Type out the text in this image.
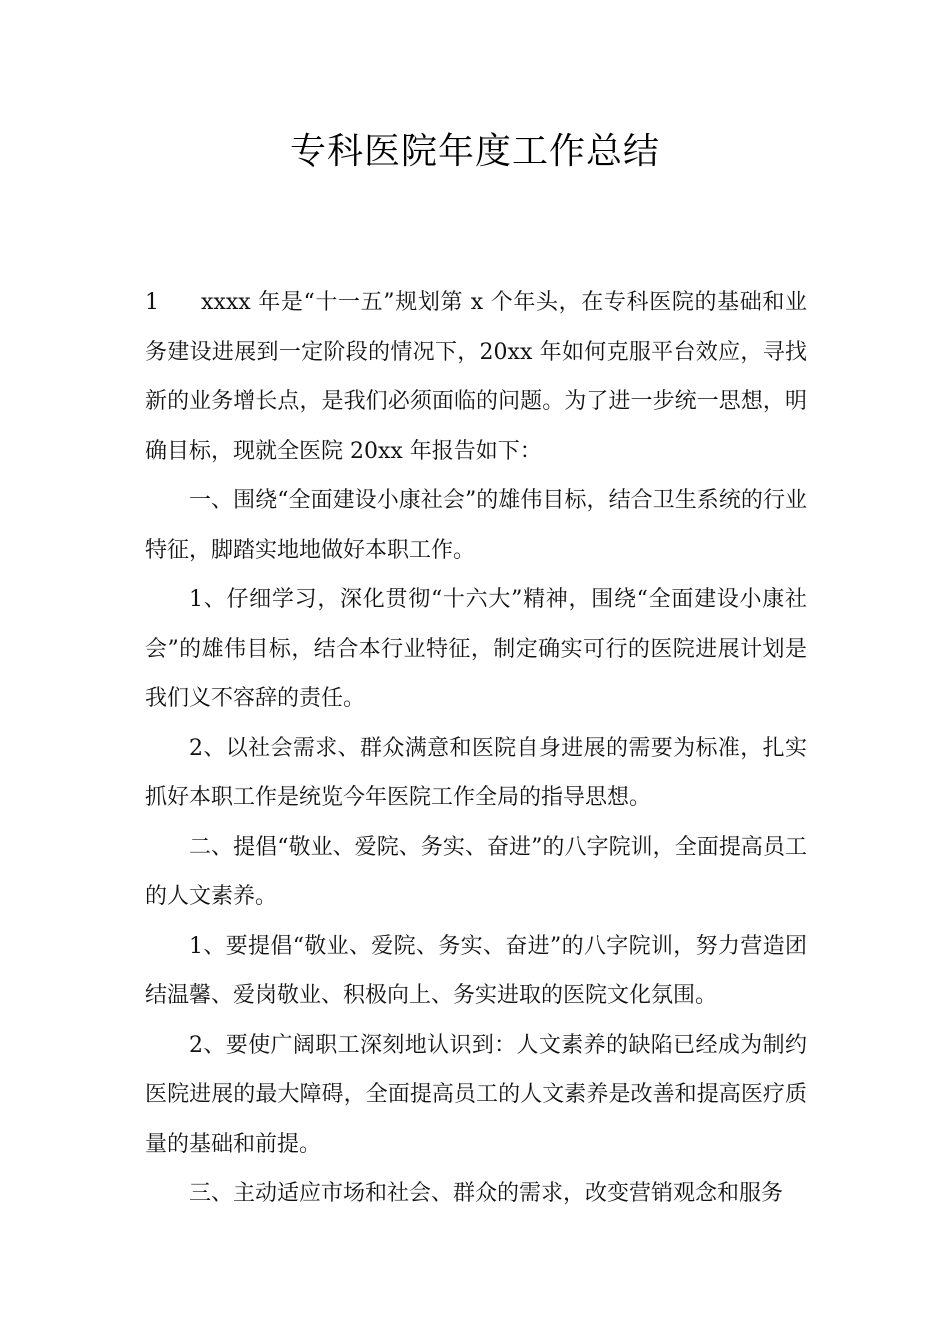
专科医院年度工作总结

1 xxxx 年是“十一五”规划第 x 个年头，在专科医院的基础和业务建设进展到一定阶段的情况下，20xx 年如何克服平台效应，寻找新的业务增长点，是我们必须面临的问题。为了进一步统一思想，明确目标，现就全医院 20xx 年报告如下：

一、围绕“全面建设小康社会”的雄伟目标，结合卫生系统的行业特征，脚踏实地地做好本职工作。

1、仔细学习，深化贯彻“十六大”精神，围绕“全面建设小康社会”的雄伟目标，结合本行业特征，制定确实可行的医院进展计划是我们义不容辞的责任。

2、以社会需求、群众满意和医院自身进展的需要为标准，扎实抓好本职工作是统览今年医院工作全局的指导思想。

二、提倡“敬业、爱院、务实、奋进”的八字院训，全面提高员工的人文素养。

1、要提倡“敬业、爱院、务实、奋进”的八字院训，努力营造团结温馨、爱岗敬业、积极向上、务实进取的医院文化氛围。

2、要使广阔职工深刻地认识到：人文素养的缺陷已经成为制约医院进展的最大障碍，全面提高员工的人文素养是改善和提高医疗质量的基础和前提。

三、主动适应市场和社会、群众的需求，改变营销观念和服务
